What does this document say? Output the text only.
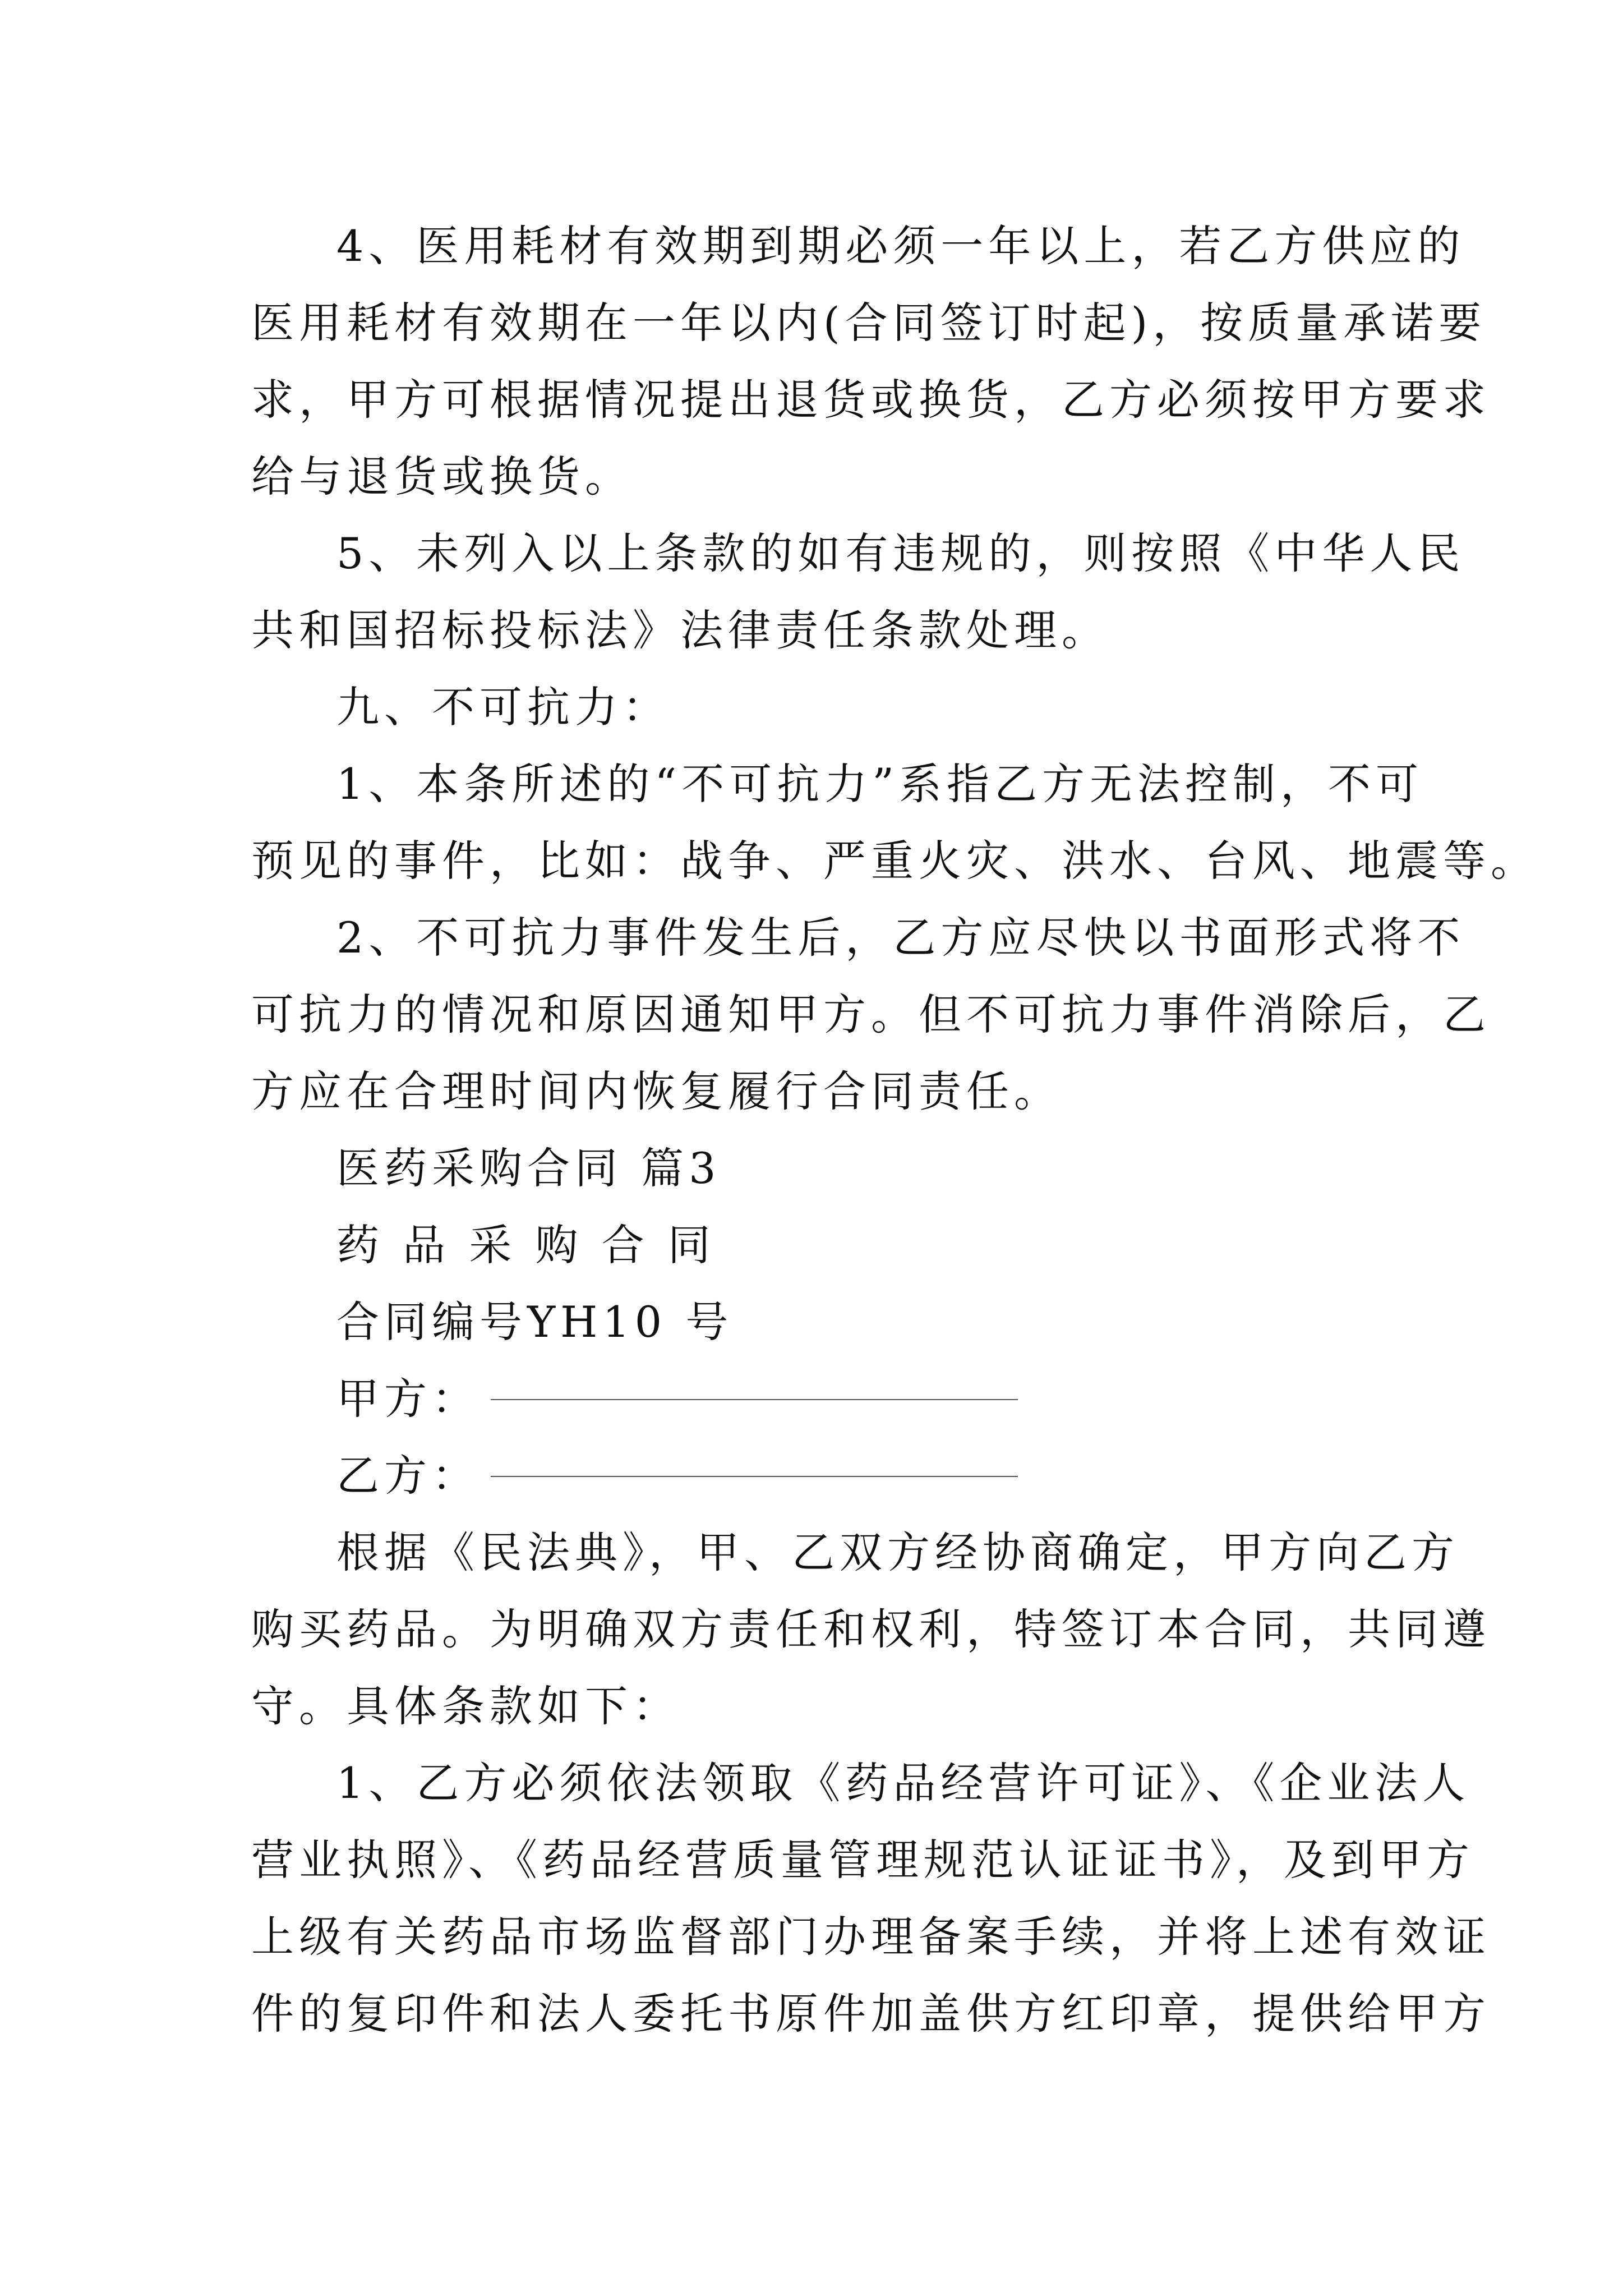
4、医用耗材有效期到期必须一年以上，若乙方供应的
医用耗材有效期在一年以内(合同签订时起)，按质量承诺要
求，甲方可根据情况提出退货或换货，乙方必须按甲方要求
给与退货或换货。
5、未列入以上条款的如有违规的，则按照《中华人民
共和国招标投标法》法律责任条款处理。
九、不可抗力：
1、本条所述的“不可抗力”系指乙方无法控制，不可
预见的事件，比如：战争、严重火灾、洪水、台风、地震等。
2、不可抗力事件发生后，乙方应尽快以书面形式将不
可抗力的情况和原因通知甲方。但不可抗力事件消除后，乙
方应在合理时间内恢复履行合同责任。
医药采购合同 篇3
药 品 采 购 合 同
合同编号YH10 号
甲方：
乙方：
根据《民法典》，甲、乙双方经协商确定，甲方向乙方
购买药品。为明确双方责任和权利，特签订本合同，共同遵
守。具体条款如下：
1、乙方必须依法领取《药品经营许可证》、《企业法人
营业执照》、《药品经营质量管理规范认证证书》，及到甲方
上级有关药品市场监督部门办理备案手续，并将上述有效证
件的复印件和法人委托书原件加盖供方红印章，提供给甲方
